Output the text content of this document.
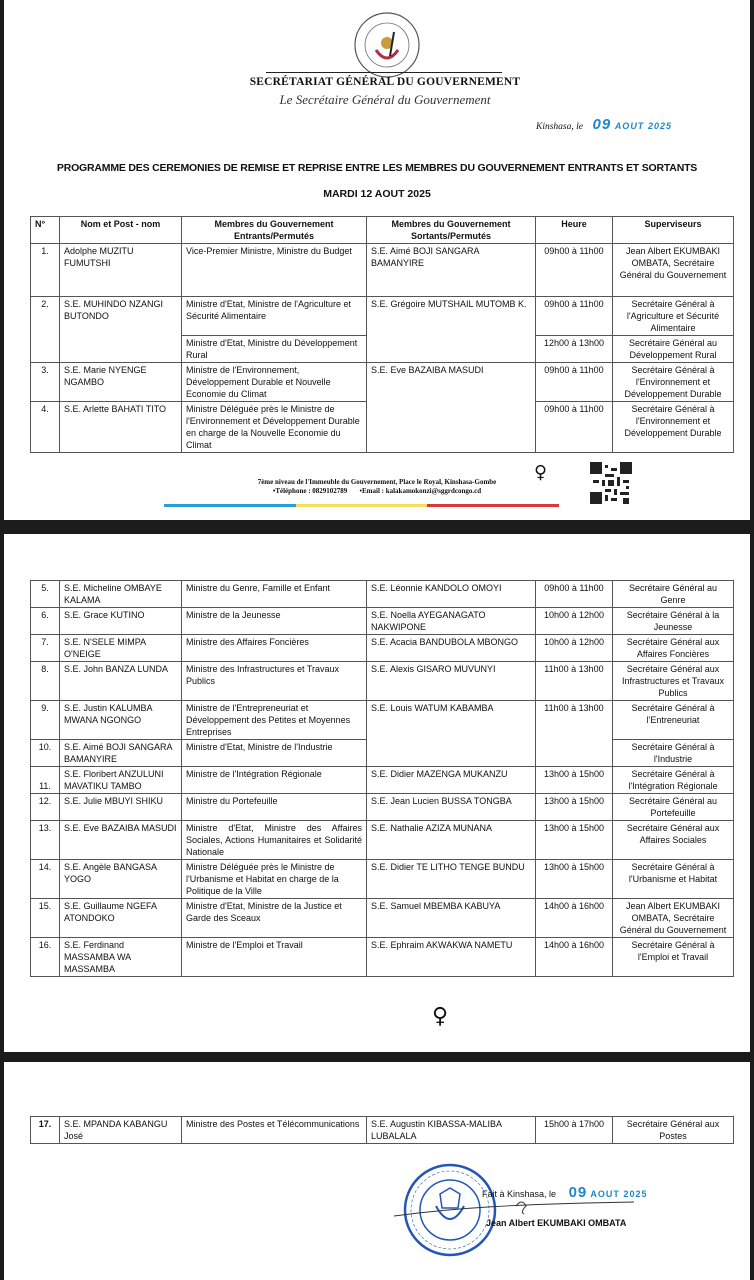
SECRÉTARIAT GÉNÉRAL DU GOUVERNEMENT
Le Secrétaire Général du Gouvernement
Kinshasa, le 09 AOUT 2025
PROGRAMME DES CEREMONIES DE REMISE ET REPRISE ENTRE LES MEMBRES DU GOUVERNEMENT ENTRANTS ET SORTANTS
MARDI 12 AOUT 2025
N°	Nom et Post - nom	Membres du Gouvernement Entrants/Permutés	Membres du Gouvernement Sortants/Permutés	Heure	Superviseurs
1.	Adolphe MUZITU FUMUTSHI	Vice-Premier Ministre, Ministre du Budget	S.E. Aimé BOJI SANGARA BAMANYIRE	09h00 à 11h00	Jean Albert EKUMBAKI OMBATA, Secrétaire Général du Gouvernement
2.	S.E. MUHINDO NZANGI BUTONDO	Ministre d'Etat, Ministre de l'Agriculture et Sécurité Alimentaire	S.E. Grégoire MUTSHAIL MUTOMB K.	09h00 à 11h00	Secrétaire Général à l'Agriculture et Sécurité Alimentaire
		Ministre d'Etat, Ministre du Développement Rural		12h00 à 13h00	Secrétaire Général au Développement Rural
3.	S.E. Marie NYENGE NGAMBO	Ministre de l'Environnement, Développement Durable et Nouvelle Economie du Climat	S.E. Eve BAZAIBA MASUDI	09h00 à 11h00	Secrétaire Général à l'Environnement et Développement Durable
4.	S.E. Arlette BAHATI TITO	Ministre Déléguée près le Ministre de l'Environnement et Développement Durable en charge de la Nouvelle Economie du Climat		09h00 à 11h00	Secrétaire Général à l'Environnement et Développement Durable
♀
7ème niveau de l'Immeuble du Gouvernement, Place le Royal, Kinshasa-Gombe
•Téléphone : 0829102789 •Email : kalakamokonzi@sggrdcongo.cd
5.	S.E. Micheline OMBAYE KALAMA	Ministre du Genre, Famille et Enfant	S.E. Léonnie KANDOLO OMOYI	09h00 à 11h00	Secrétaire Général au Genre
6.	S.E. Grace KUTINO	Ministre de la Jeunesse	S.E. Noella AYEGANAGATO NAKWIPONE	10h00 à 12h00	Secrétaire Général à la Jeunesse
7.	S.E. N'SELE MIMPA O'NEIGE	Ministre des Affaires Foncières	S.E. Acacia BANDUBOLA MBONGO	10h00 à 12h00	Secrétaire Général aux Affaires Foncières
8.	S.E. John BANZA LUNDA	Ministre des Infrastructures et Travaux Publics	S.E. Alexis GISARO MUVUNYI	11h00 à 13h00	Secrétaire Général aux Infrastructures et Travaux Publics
9.	S.E. Justin KALUMBA MWANA NGONGO	Ministre de l'Entrepreneuriat et Développement des Petites et Moyennes Entreprises	S.E. Louis WATUM KABAMBA	11h00 à 13h00	Secrétaire Général à l'Entreneuriat
10.	S.E. Aimé BOJI SANGARA BAMANYIRE	Ministre d'Etat, Ministre de l'Industrie			Secrétaire Général à l'Industrie
11.	S.E. Floribert ANZULUNI MAVATIKU TAMBO	Ministre de l'Intégration Régionale	S.E. Didier MAZENGA MUKANZU	13h00 à 15h00	Secrétaire Général à l'Intégration Régionale
12.	S.E. Julie MBUYI SHIKU	Ministre du Portefeuille	S.E. Jean Lucien BUSSA TONGBA	13h00 à 15h00	Secrétaire Général au Portefeuille
13.	S.E. Eve BAZAIBA MASUDI	Ministre d'Etat, Ministre des Affaires Sociales, Actions Humanitaires et Solidarité Nationale	S.E. Nathalie AZIZA MUNANA	13h00 à 15h00	Secrétaire Général aux Affaires Sociales
14.	S.E. Angèle BANGASA YOGO	Ministre Déléguée près le Ministre de l'Urbanisme et Habitat en charge de la Politique de la Ville	S.E. Didier TE LITHO TENGE BUNDU	13h00 à 15h00	Secrétaire Général à l'Urbanisme et Habitat
15.	S.E. Guillaume NGEFA ATONDOKO	Ministre d'Etat, Ministre de la Justice et Garde des Sceaux	S.E. Samuel MBEMBA KABUYA	14h00 à 16h00	Jean Albert EKUMBAKI OMBATA, Secrétaire Général du Gouvernement
16.	S.E. Ferdinand MASSAMBA WA MASSAMBA	Ministre de l'Emploi et Travail	S.E. Ephraim AKWAKWA NAMETU	14h00 à 16h00	Secrétaire Général à l'Emploi et Travail
♀
17.	S.E. MPANDA KABANGU José	Ministre des Postes et Télécommunications	S.E. Augustin KIBASSA-MALIBA LUBALALA	15h00 à 17h00	Secrétaire Général aux Postes
Fait à Kinshasa, le 09 AOUT 2025
Jean Albert EKUMBAKI OMBATA
